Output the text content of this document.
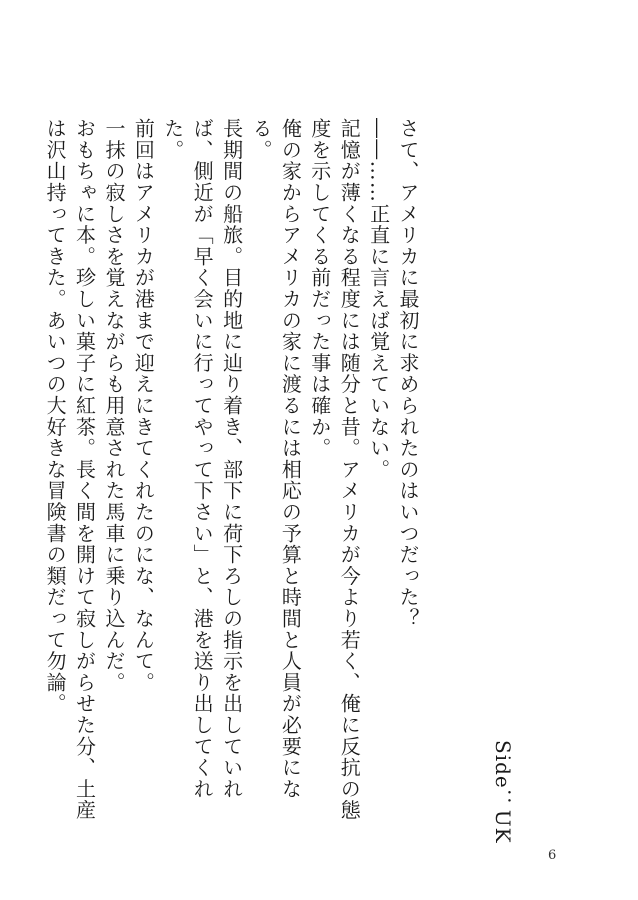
Side：UK

さて、アメリカに最初に求められたのはいつだった？

――……正直に言えば覚えていない。

記憶が薄くなる程度には随分と昔。アメリカが今より若く、俺に反抗の態度を示してくる前だった事は確か。

俺の家からアメリカの家に渡るには相応の予算と時間と人員が必要になる。

長期間の船旅。目的地に辿り着き、部下に荷下ろしの指示を出していれば、側近が「早く会いに行ってやって下さい」と、港を送り出してくれた。

前回はアメリカが港まで迎えにきてくれたのにな、なんて。

一抹の寂しさを覚えながらも用意された馬車に乗り込んだ。

おもちゃに本。珍しい菓子に紅茶。長く間を開けて寂しがらせた分、土産は沢山持ってきた。あいつの大好きな冒険書の類だって勿論。

6
